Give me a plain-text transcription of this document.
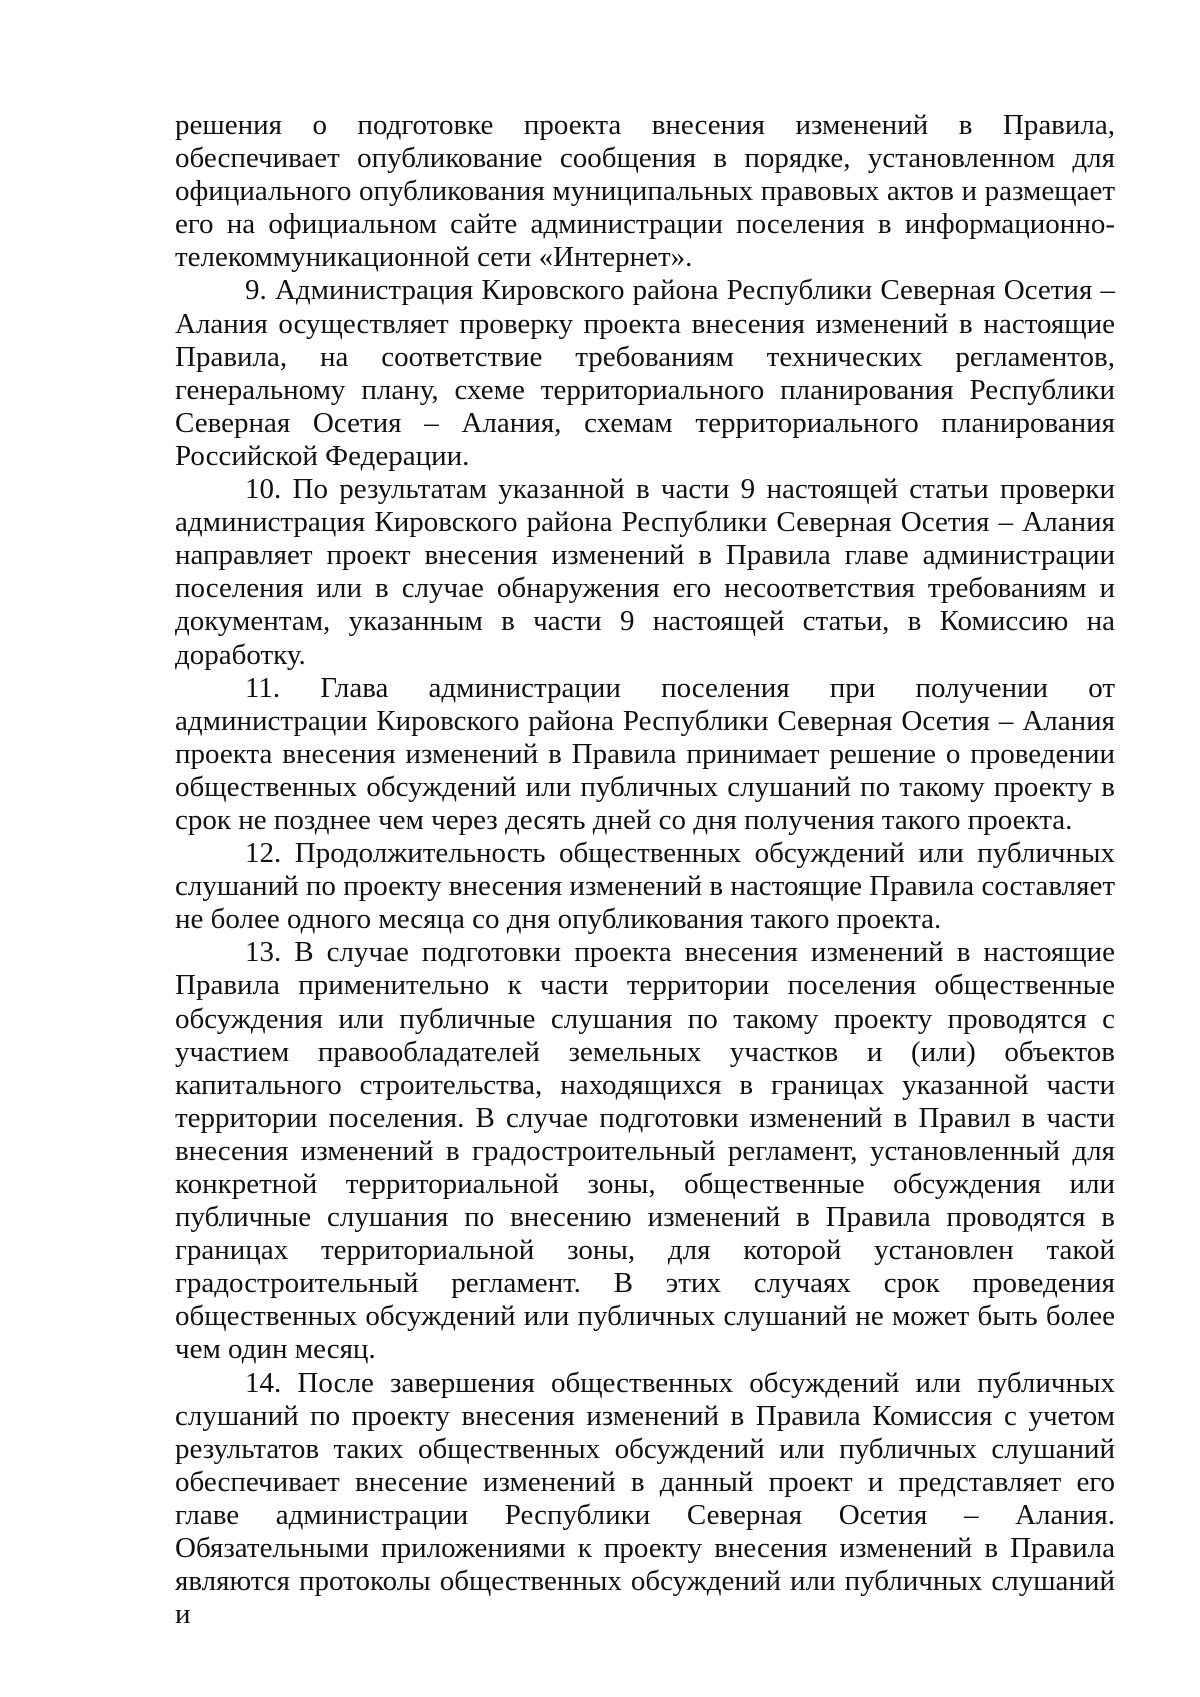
решения о подготовке проекта внесения изменений в Правила, обеспечивает опубликование сообщения в порядке, установленном для официального опубликования муниципальных правовых актов и размещает его на официальном сайте администрации поселения в информационно-телекоммуникационной сети «Интернет».

9. Администрация Кировского района Республики Северная Осетия – Алания осуществляет проверку проекта внесения изменений в настоящие Правила, на соответствие требованиям технических регламентов, генеральному плану, схеме территориального планирования Республики Северная Осетия – Алания, схемам территориального планирования Российской Федерации.

10. По результатам указанной в части 9 настоящей статьи проверки администрация Кировского района Республики Северная Осетия – Алания направляет проект внесения изменений в Правила главе администрации поселения или в случае обнаружения его несоответствия требованиям и документам, указанным в части 9 настоящей статьи, в Комиссию на доработку.

11. Глава администрации поселения при получении от администрации Кировского района Республики Северная Осетия – Алания проекта внесения изменений в Правила принимает решение о проведении общественных обсуждений или публичных слушаний по такому проекту в срок не позднее чем через десять дней со дня получения такого проекта.

12. Продолжительность общественных обсуждений или публичных слушаний по проекту внесения изменений в настоящие Правила составляет не более одного месяца со дня опубликования такого проекта.

13. В случае подготовки проекта внесения изменений в настоящие Правила применительно к части территории поселения общественные обсуждения или публичные слушания по такому проекту проводятся с участием правообладателей земельных участков и (или) объектов капитального строительства, находящихся в границах указанной части территории поселения. В случае подготовки изменений в Правил в части внесения изменений в градостроительный регламент, установленный для конкретной территориальной зоны, общественные обсуждения или публичные слушания по внесению изменений в Правила проводятся в границах территориальной зоны, для которой установлен такой градостроительный регламент. В этих случаях срок проведения общественных обсуждений или публичных слушаний не может быть более чем один месяц.

14. После завершения общественных обсуждений или публичных слушаний по проекту внесения изменений в Правила Комиссия с учетом результатов таких общественных обсуждений или публичных слушаний обеспечивает внесение изменений в данный проект и представляет его главе администрации Республики Северная Осетия – Алания. Обязательными приложениями к проекту внесения изменений в Правила являются протоколы общественных обсуждений или публичных слушаний и
